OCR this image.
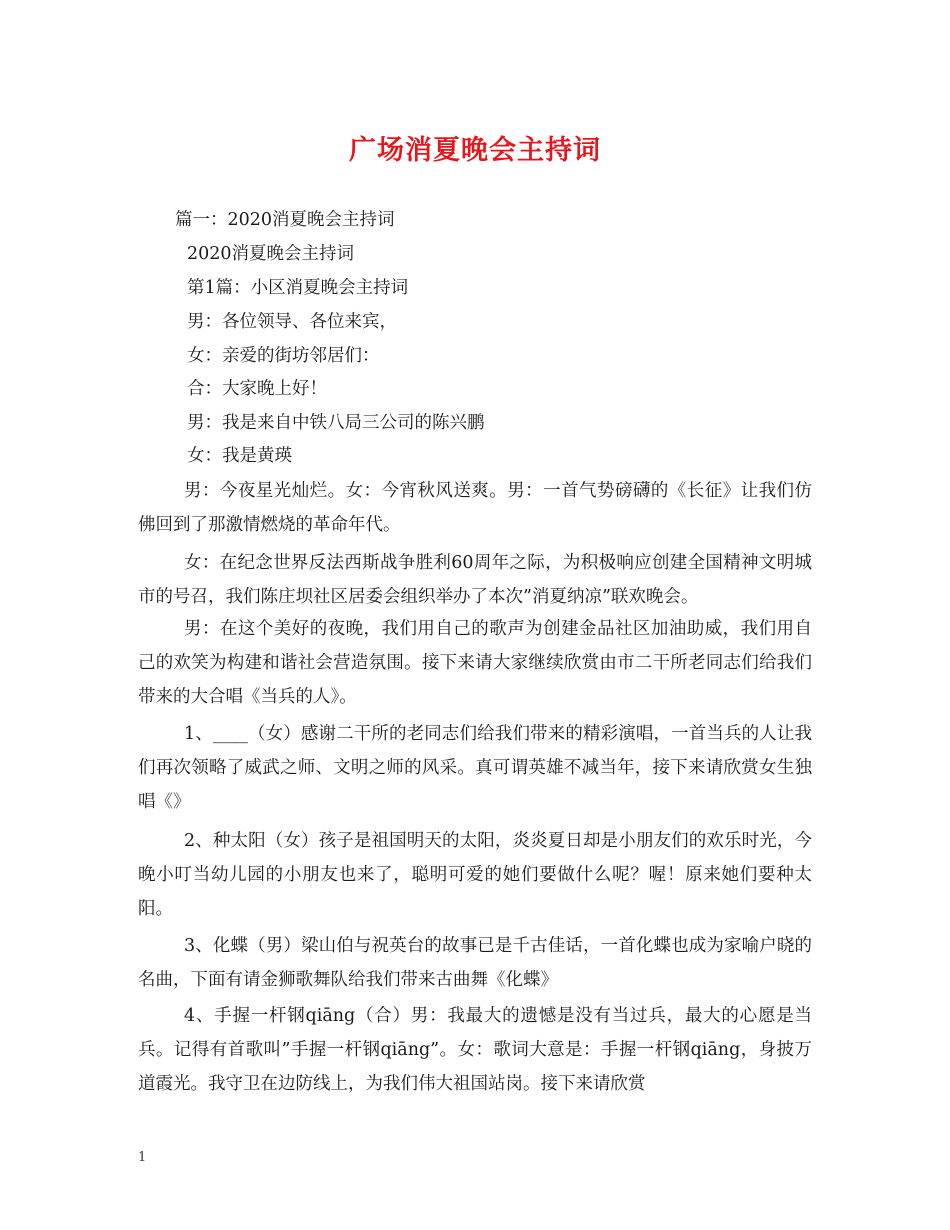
广场消夏晚会主持词

篇一：2020消夏晚会主持词

2020消夏晚会主持词

第1篇：小区消夏晚会主持词

男：各位领导、各位来宾，

女：亲爱的街坊邻居们：

合：大家晚上好！

男：我是来自中铁八局三公司的陈兴鹏

女：我是黄瑛

男：今夜星光灿烂。女：今宵秋风送爽。男：一首气势磅礴的《长征》让我们仿佛回到了那激情燃烧的革命年代。

女：在纪念世界反法西斯战争胜利60周年之际，为积极响应创建全国精神文明城市的号召，我们陈庄坝社区居委会组织举办了本次”消夏纳凉”联欢晚会。

男：在这个美好的夜晚，我们用自己的歌声为创建金品社区加油助威，我们用自己的欢笑为构建和谐社会营造氛围。接下来请大家继续欣赏由市二干所老同志们给我们带来的大合唱《当兵的人》。

1、____（女）感谢二干所的老同志们给我们带来的精彩演唱，一首当兵的人让我们再次领略了威武之师、文明之师的风采。真可谓英雄不减当年，接下来请欣赏女生独唱《》

2、种太阳（女）孩子是祖国明天的太阳，炎炎夏日却是小朋友们的欢乐时光，今晚小叮当幼儿园的小朋友也来了，聪明可爱的她们要做什么呢？喔！原来她们要种太阳。

3、化蝶（男）梁山伯与祝英台的故事已是千古佳话，一首化蝶也成为家喻户晓的名曲，下面有请金狮歌舞队给我们带来古曲舞《化蝶》

4、手握一杆钢qiāng（合）男：我最大的遗憾是没有当过兵，最大的心愿是当兵。记得有首歌叫”手握一杆钢qiāng”。女：歌词大意是：手握一杆钢qiāng，身披万道霞光。我守卫在边防线上，为我们伟大祖国站岗。接下来请欣赏

1
